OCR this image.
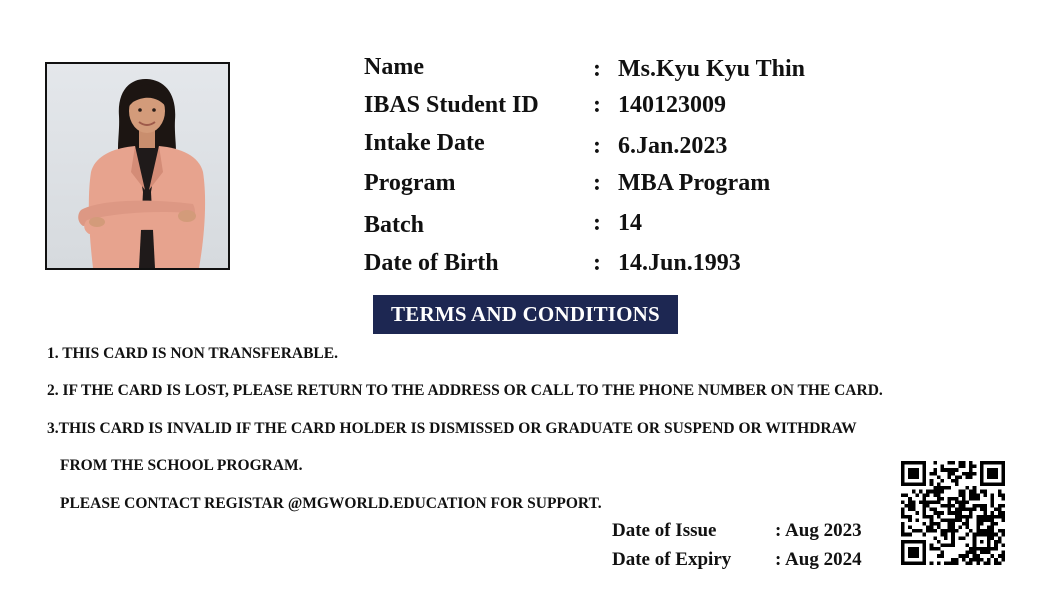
Name	: Ms.Kyu Kyu Thin
IBAS Student ID : 140123009
Intake Date	: 6.Jan.2023
Program	: MBA Program
Batch	: 14
Date of Birth	: 14.Jun.1993
TERMS AND CONDITIONS
1. THIS CARD IS NON TRANSFERABLE.
2. IF THE CARD IS LOST, PLEASE RETURN TO THE ADDRESS OR CALL TO THE PHONE NUMBER ON THE CARD.
3.THIS CARD IS INVALID IF THE CARD HOLDER IS DISMISSED OR GRADUATE OR SUSPEND OR WITHDRAW
FROM THE SCHOOL PROGRAM.
PLEASE CONTACT REGISTAR @MGWORLD.EDUCATION FOR SUPPORT.
Date of Issue	: Aug 2023
Date of Expiry : Aug 2024
